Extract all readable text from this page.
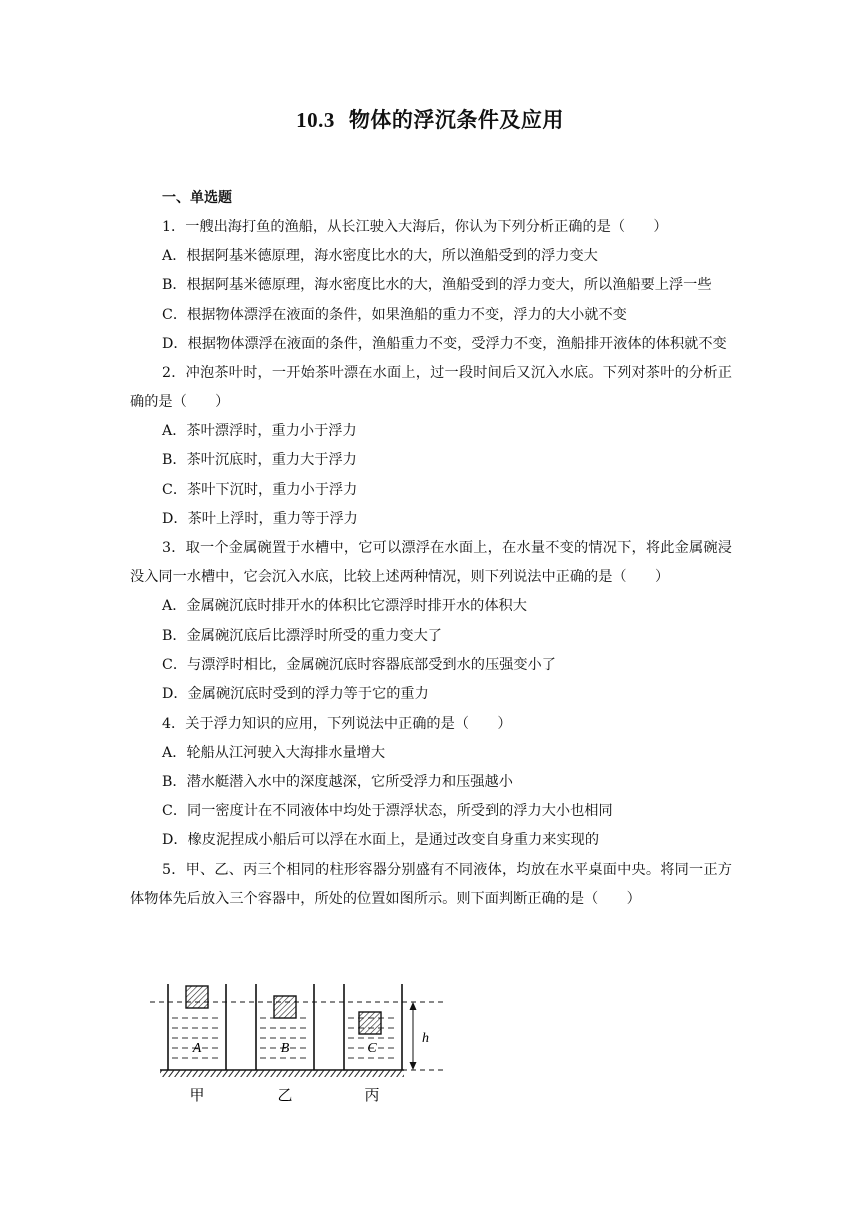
10.3 物体的浮沉条件及应用
一、单选题

1．一艘出海打鱼的渔船，从长江驶入大海后，你认为下列分析正确的是（　　）

A．根据阿基米德原理，海水密度比水的大，所以渔船受到的浮力变大

B．根据阿基米德原理，海水密度比水的大，渔船受到的浮力变大，所以渔船要上浮一些

C．根据物体漂浮在液面的条件，如果渔船的重力不变，浮力的大小就不变

D．根据物体漂浮在液面的条件，渔船重力不变，受浮力不变，渔船排开液体的体积就不变

2．冲泡茶叶时，一开始茶叶漂在水面上，过一段时间后又沉入水底。下列对茶叶的分析正确的是（　　）

A．茶叶漂浮时，重力小于浮力

B．茶叶沉底时，重力大于浮力

C．茶叶下沉时，重力小于浮力

D．茶叶上浮时，重力等于浮力

3．取一个金属碗置于水槽中，它可以漂浮在水面上，在水量不变的情况下，将此金属碗浸没入同一水槽中，它会沉入水底，比较上述两种情况，则下列说法中正确的是（　　）

A．金属碗沉底时排开水的体积比它漂浮时排开水的体积大

B．金属碗沉底后比漂浮时所受的重力变大了

C．与漂浮时相比，金属碗沉底时容器底部受到水的压强变小了

D．金属碗沉底时受到的浮力等于它的重力

4．关于浮力知识的应用，下列说法中正确的是（　　）

A．轮船从江河驶入大海排水量增大

B．潜水艇潜入水中的深度越深，它所受浮力和压强越小

C．同一密度计在不同液体中均处于漂浮状态，所受到的浮力大小也相同

D．橡皮泥捏成小船后可以浮在水面上，是通过改变自身重力来实现的

5．甲、乙、丙三个相同的柱形容器分别盛有不同液体，均放在水平桌面中央。将同一正方体物体先后放入三个容器中，所处的位置如图所示。则下面判断正确的是（　　）

A	B	C
h
甲	乙	丙
